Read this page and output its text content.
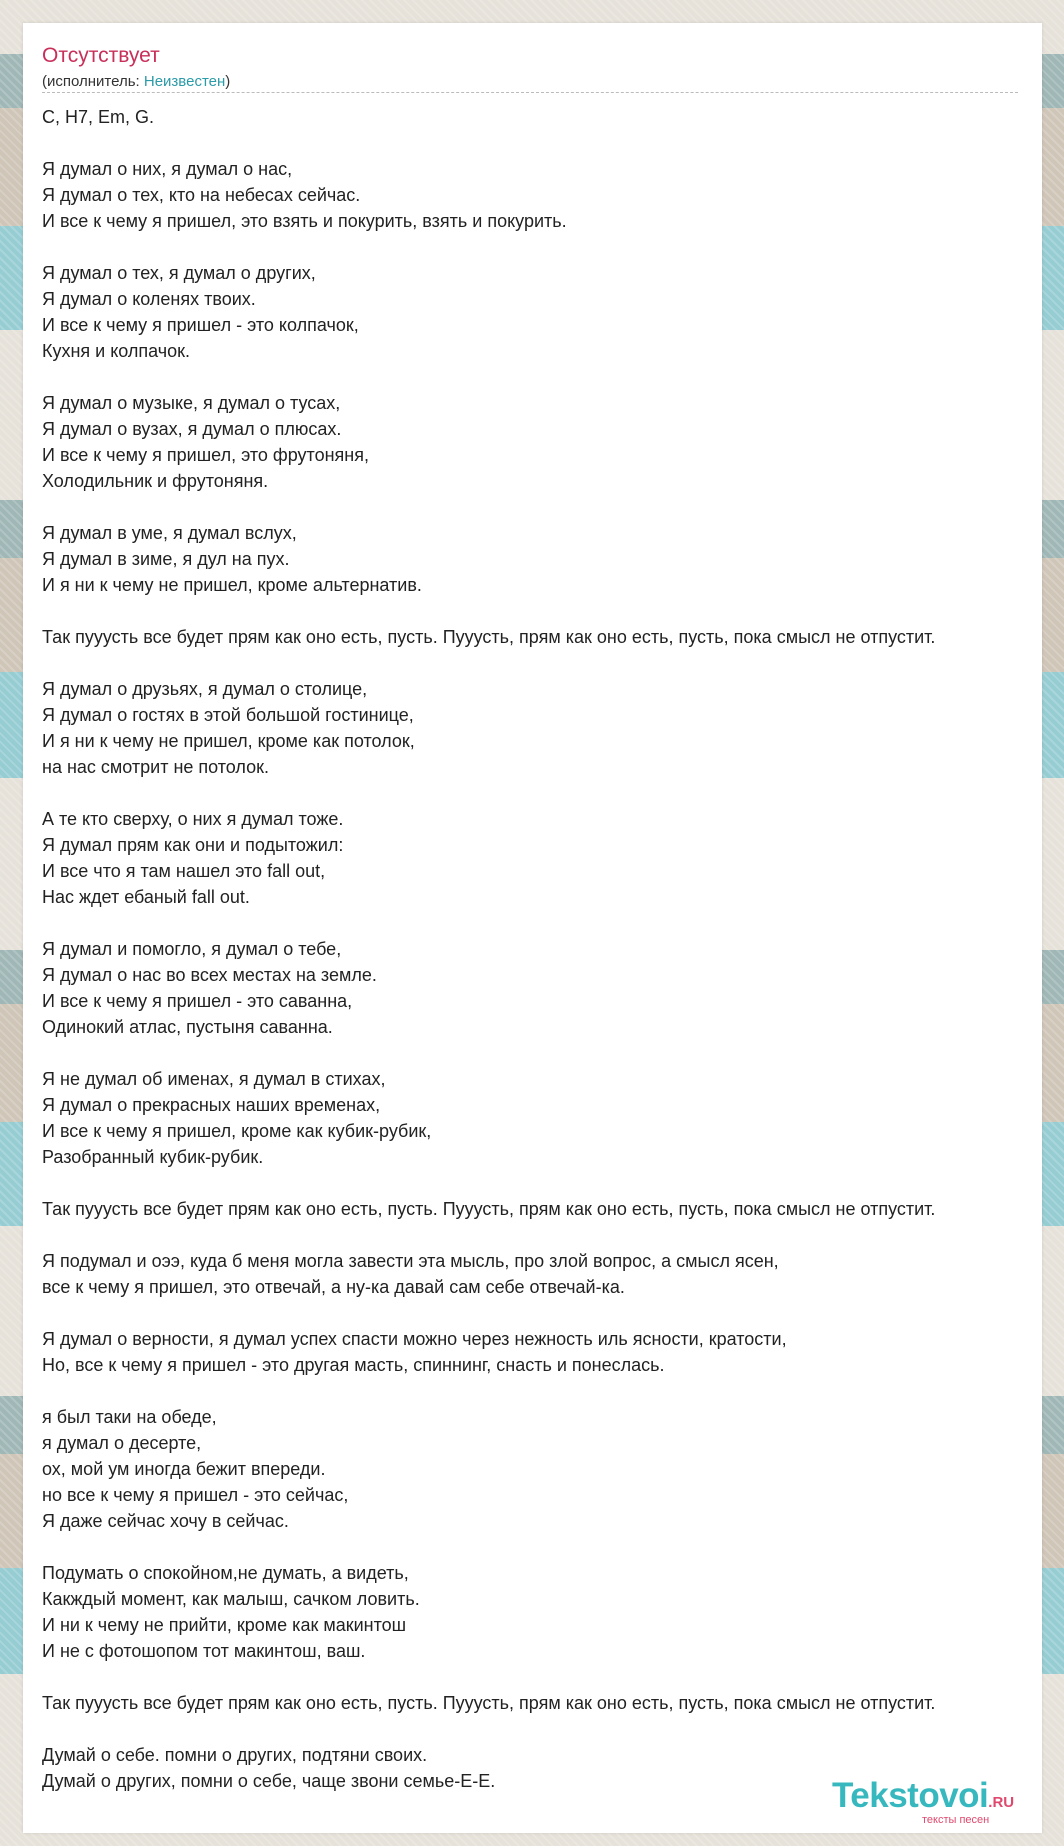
Отсутствует
(исполнитель: Неизвестен)
C, H7, Em, G.
Я думал о них, я думал о нас,
Я думал о тех, кто на небесах сейчас.
И все к чему я пришел, это взять и покурить, взять и покурить.
Я думал о тех, я думал о других,
Я думал о коленях твоих.
И все к чему я пришел - это колпачок,
Кухня и колпачок.
Я думал о музыке, я думал о тусах,
Я думал о вузах, я думал о плюсах.
И все к чему я пришел, это фрутоняня,
Холодильник и фрутоняня.
Я думал в уме, я думал вслух,
Я думал в зиме, я дул на пух.
И я ни к чему не пришел, кроме альтернатив.
Так пууусть все будет прям как оно есть, пусть. Пууусть, прям как оно есть, пусть, пока смысл не отпустит.
Я думал о друзьях, я думал о столице,
Я думал о гостях в этой большой гостинице,
И я ни к чему не пришел, кроме как потолок,
на нас смотрит не потолок.
А те кто сверху, о них я думал тоже.
Я думал прям как они и подытожил:
И все что я там нашел это fall out,
Нас ждет ебаный fall out.
Я думал и помогло, я думал о тебе,
Я думал о нас во всех местах на земле.
И все к чему я пришел - это саванна,
Одинокий атлас, пустыня саванна.
Я не думал об именах, я думал в стихах,
Я думал о прекрасных наших временах,
И все к чему я пришел, кроме как кубик-рубик,
Разобранный кубик-рубик.
Так пууусть все будет прям как оно есть, пусть. Пууусть, прям как оно есть, пусть, пока смысл не отпустит.
Я подумал и оээ, куда б меня могла завести эта мысль, про злой вопрос, а смысл ясен,
все к чему я пришел, это отвечай, а ну-ка давай сам себе отвечай-ка.
Я думал о верности, я думал успех спасти можно через нежность иль ясности, кратости,
Но, все к чему я пришел - это другая масть, спиннинг, снасть и понеслась.
я был таки на обеде,
я думал о десерте,
ох, мой ум иногда бежит впереди.
но все к чему я пришел - это сейчас,
Я даже сейчас хочу в сейчас.
Подумать о спокойном,не думать, а видеть,
Какждый момент, как малыш, сачком ловить.
И ни к чему не прийти, кроме как макинтош
И не с фотошопом тот макинтош, ваш.
Так пууусть все будет прям как оно есть, пусть. Пууусть, прям как оно есть, пусть, пока смысл не отпустит.
Думай о себе. помни о других, подтяни своих.
Думай о других, помни о себе, чаще звони семье-Е-Е.	Tekstovoi.RU
тексты песен
